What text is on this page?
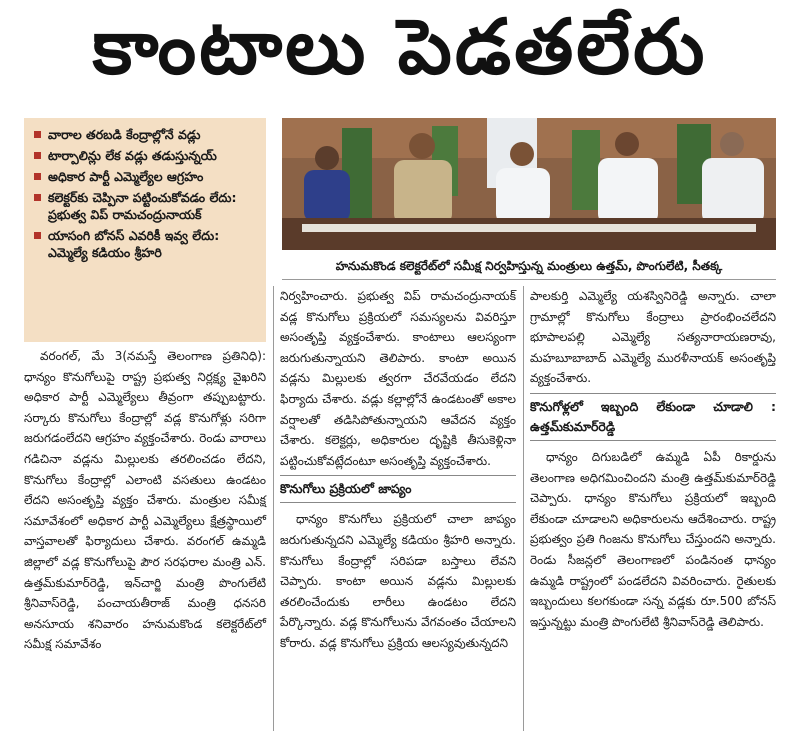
కాంటాలు పెడతలేరు
వారాల తరబడి కేంద్రాల్లోనే వడ్లు
టార్పాలిన్లు లేక వడ్లు తడుస్తున్నయ్
అధికార పార్టీ ఎమ్మెల్యేల ఆగ్రహం
కలెక్టర్‌కు చెప్పినా పట్టించుకోవడం లేదు: ప్రభుత్వ విప్ రామచంద్రునాయక్
యాసంగి బోనస్ ఎవరికీ ఇవ్వ లేదు: ఎమ్మెల్యే కడియం శ్రీహరి
హనుమకొండ కలెక్టరేట్‌లో సమీక్ష నిర్వహిస్తున్న మంత్రులు ఉత్తమ్, పొంగులేటి, సీతక్క

వరంగల్, మే 3(నమస్తే తెలంగాణ ప్రతినిధి): ధాన్యం కొనుగోలుపై రాష్ట్ర ప్రభుత్వ నిర్లక్ష్య వైఖరిని అధికార పార్టీ ఎమ్మెల్యేలు తీవ్రంగా తప్పుబట్టారు. సర్కారు కొనుగోలు కేంద్రాల్లో వడ్ల కొనుగోళ్లు సరిగా జరుగడంలేదని ఆగ్రహం వ్యక్తంచేశారు. రెండు వారాలు గడిచినా వడ్లను మిల్లులకు తరలించడం లేదని, కొనుగోలు కేంద్రాల్లో ఎలాంటి వసతులు ఉండటం లేదని అసంతృప్తి వ్యక్తం చేశారు. మంత్రుల సమీక్ష సమావేశంలో అధికార పార్టీ ఎమ్మెల్యేలు క్షేత్రస్థాయిలో వాస్తవాలతో ఫిర్యాదులు చేశారు. వరంగల్ ఉమ్మడి జిల్లాలో వడ్ల కొనుగోలుపై పౌర సరఫరాల మంత్రి ఎన్. ఉత్తమ్‌కుమార్‌రెడ్డి, ఇన్‌చార్జి మంత్రి పొంగులేటి శ్రీనివాస్‌రెడ్డి, పంచాయతీరాజ్ మంత్రి ధనసరి అనసూయ శనివారం హనుమకొండ కలెక్టరేట్‌లో సమీక్ష సమావేశం

నిర్వహించారు. ప్రభుత్వ విప్ రామచంద్రునాయక్ వడ్ల కొనుగోలు ప్రక్రియలో సమస్యలను వివరిస్తూ అసంతృప్తి వ్యక్తంచేశారు. కాంటాలు ఆలస్యంగా జరుగుతున్నాయని తెలిపారు. కాంటా అయిన వడ్లను మిల్లులకు త్వరగా చేరవేయడం లేదని ఫిర్యాదు చేశారు. వడ్లు కల్లాల్లోనే ఉండటంతో అకాల వర్షాలతో తడిసిపోతున్నాయని ఆవేదన వ్యక్తం చేశారు. కలెక్టర్లు, అధికారుల దృష్టికి తీసుకెళ్లినా పట్టించుకోవట్లేదంటూ అసంతృప్తి వ్యక్తంచేశారు.

కొనుగోలు ప్రక్రియలో జాప్యం

ధాన్యం కొనుగోలు ప్రక్రియలో చాలా జాప్యం జరుగుతున్నదని ఎమ్మెల్యే కడియం శ్రీహరి అన్నారు. కొనుగోలు కేంద్రాల్లో సరిపడా బస్తాలు లేవని చెప్పారు. కాంటా అయిన వడ్లను మిల్లులకు తరలించేందుకు లారీలు ఉండటం లేదని పేర్కొన్నారు. వడ్ల కొనుగోలును వేగవంతం చేయాలని కోరారు. వడ్ల కొనుగోలు ప్రక్రియ ఆలస్యవుతున్నదని

పాలకుర్తి ఎమ్మెల్యే యశస్వినిరెడ్డి అన్నారు. చాలా గ్రామాల్లో కొనుగోలు కేంద్రాలు ప్రారంభించలేదని భూపాలపల్లి ఎమ్మెల్యే సత్యనారాయణరావు, మహబూబాబాద్ ఎమ్మెల్యే మురళీనాయక్ అసంతృప్తి వ్యక్తంచేశారు.

కొనుగోళ్లలో ఇబ్బంది లేకుండా చూడాలి : ఉత్తమ్‌కుమార్‌రెడ్డి

ధాన్యం దిగుబడిలో ఉమ్మడి ఏపీ రికార్డును తెలంగాణ అధిగమించిందని మంత్రి ఉత్తమ్‌కుమార్‌రెడ్డి చెప్పారు. ధాన్యం కొనుగోలు ప్రక్రియలో ఇబ్బంది లేకుండా చూడాలని అధికారులను ఆదేశించారు. రాష్ట్ర ప్రభుత్వం ప్రతి గింజను కొనుగోలు చేస్తుందని అన్నారు. రెండు సీజన్లలో తెలంగాణలో పండినంత ధాన్యం ఉమ్మడి రాష్ట్రంలో పండలేదని వివరించారు. రైతులకు ఇబ్బందులు కలగకుండా సన్న వడ్లకు రూ.500 బోనస్ ఇస్తున్నట్టు మంత్రి పొంగులేటి శ్రీనివాస్‌రెడ్డి తెలిపారు.
